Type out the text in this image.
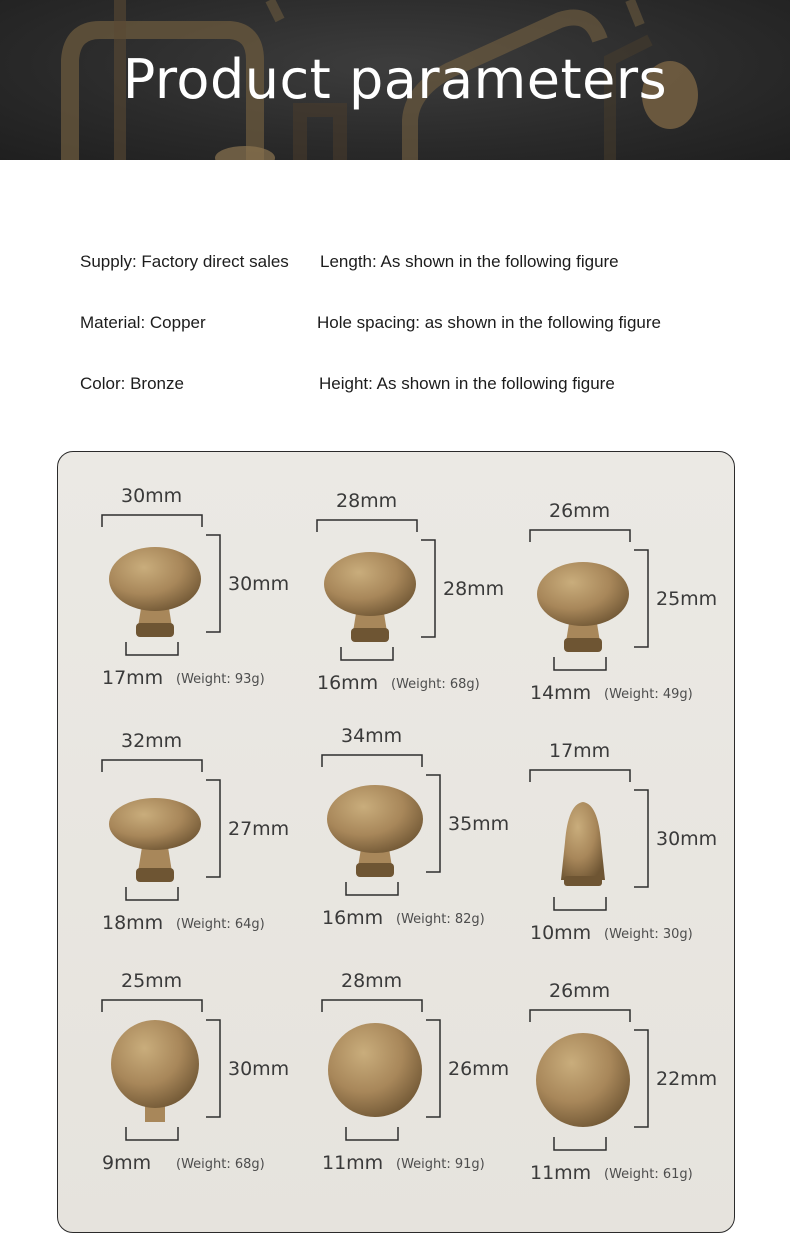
Product parameters
Supply: Factory direct sales Length: As shown in the following figure
Material: Copper	Hole spacing: as shown in the following figure
Color: Bronze	Height: As shown in the following figure
30mm
30mm
17mm (Weight: 93g)
28mm
28mm
16mm (Weight: 68g)
26mm
25mm
14mm (Weight: 49g)
32mm
27mm
18mm (Weight: 64g)
34mm
35mm
16mm (Weight: 82g)
17mm
30mm
10mm (Weight: 30g)
25mm
30mm
9mm (Weight: 68g)
28mm
26mm
11mm (Weight: 91g)
26mm
22mm
11mm (Weight: 61g)
